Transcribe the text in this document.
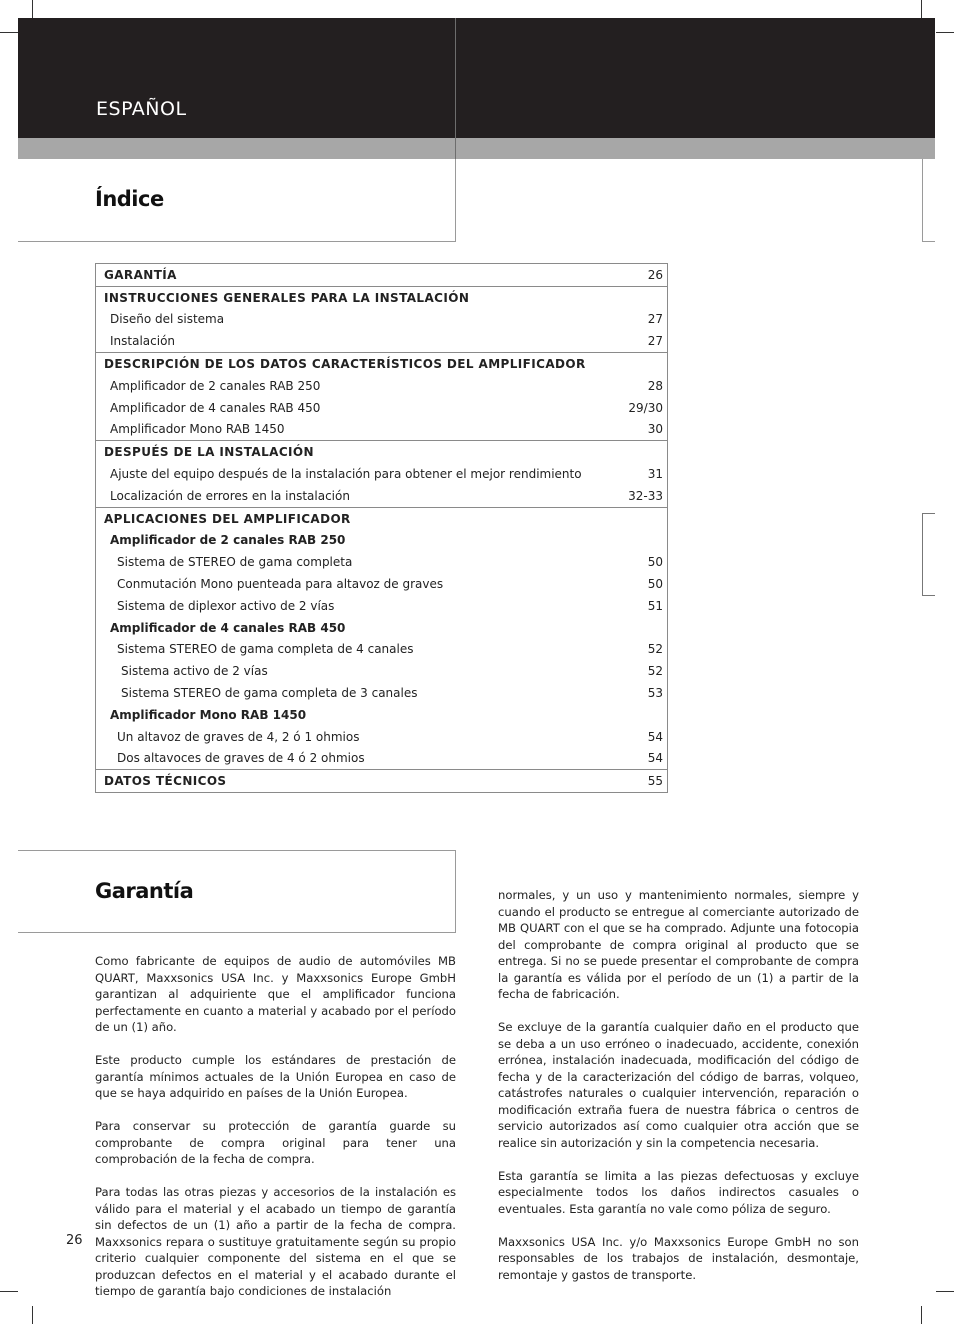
ESPAÑOL
Índice
GARANTÍA	26
INSTRUCCIONES GENERALES PARA LA INSTALACIÓN
Diseño del sistema	27
Instalación	27
DESCRIPCIÓN DE LOS DATOS CARACTERÍSTICOS DEL AMPLIFICADOR
Amplificador de 2 canales RAB 250	28
Amplificador de 4 canales RAB 450	29/30
Amplificador Mono RAB 1450	30
DESPUÉS DE LA INSTALACIÓN
Ajuste del equipo después de la instalación para obtener el mejor rendimiento	31
Localización de errores en la instalación	32-33
APLICACIONES DEL AMPLIFICADOR
Amplificador de 2 canales RAB 250
Sistema de STEREO de gama completa	50
Conmutación Mono puenteada para altavoz de graves	50
Sistema de diplexor activo de 2 vías	51
Amplificador de 4 canales RAB 450
Sistema STEREO de gama completa de 4 canales	52
Sistema activo de 2 vías	52
Sistema STEREO de gama completa de 3 canales	53
Amplificador Mono RAB 1450
Un altavoz de graves de 4, 2 ó 1 ohmios	54
Dos altavoces de graves de 4 ó 2 ohmios	54
DATOS TÉCNICOS	55
Garantía

Como fabricante de equipos de audio de automóviles MB QUART, Maxxsonics USA Inc. y Maxxsonics Europe GmbH garantizan al adquiriente que el amplificador funciona perfectamente en cuanto a material y acabado por el período de un (1) año.

Este producto cumple los estándares de prestación de garantía mínimos actuales de la Unión Europea en caso de que se haya adquirido en países de la Unión Europea.

Para conservar su protección de garantía guarde su comprobante de compra original para tener una comprobación de la fecha de compra.

Para todas las otras piezas y accesorios de la instalación es válido para el material y el acabado un tiempo de garantía sin defectos de un (1) año a partir de la fecha de compra. Maxxsonics repara o sustituye gratuitamente según su propio criterio cualquier componente del sistema en el que se produzcan defectos en el material y el acabado durante el tiempo de garantía bajo condiciones de instalación

normales, y un uso y mantenimiento normales, siempre y cuando el producto se entregue al comerciante autorizado de MB QUART con el que se ha comprado. Adjunte una fotocopia del comprobante de compra original al producto que se entrega. Si no se puede presentar el comprobante de compra la garantía es válida por el período de un (1) a partir de la fecha de fabricación.

Se excluye de la garantía cualquier daño en el producto que se deba a un uso erróneo o inadecuado, accidente, conexión errónea, instalación inadecuada, modificación del código de fecha y de la caracterización del código de barras, volqueo, catástrofes naturales o cualquier intervención, reparación o modificación extraña fuera de nuestra fábrica o centros de servicio autorizados así como cualquier otra acción que se realice sin autorización y sin la competencia necesaria.

Esta garantía se limita a las piezas defectuosas y excluye especialmente todos los daños indirectos casuales o eventuales. Esta garantía no vale como póliza de seguro.

Maxxsonics USA Inc. y/o Maxxsonics Europe GmbH no son responsables de los trabajos de instalación, desmontaje, remontaje y gastos de transporte.

26
